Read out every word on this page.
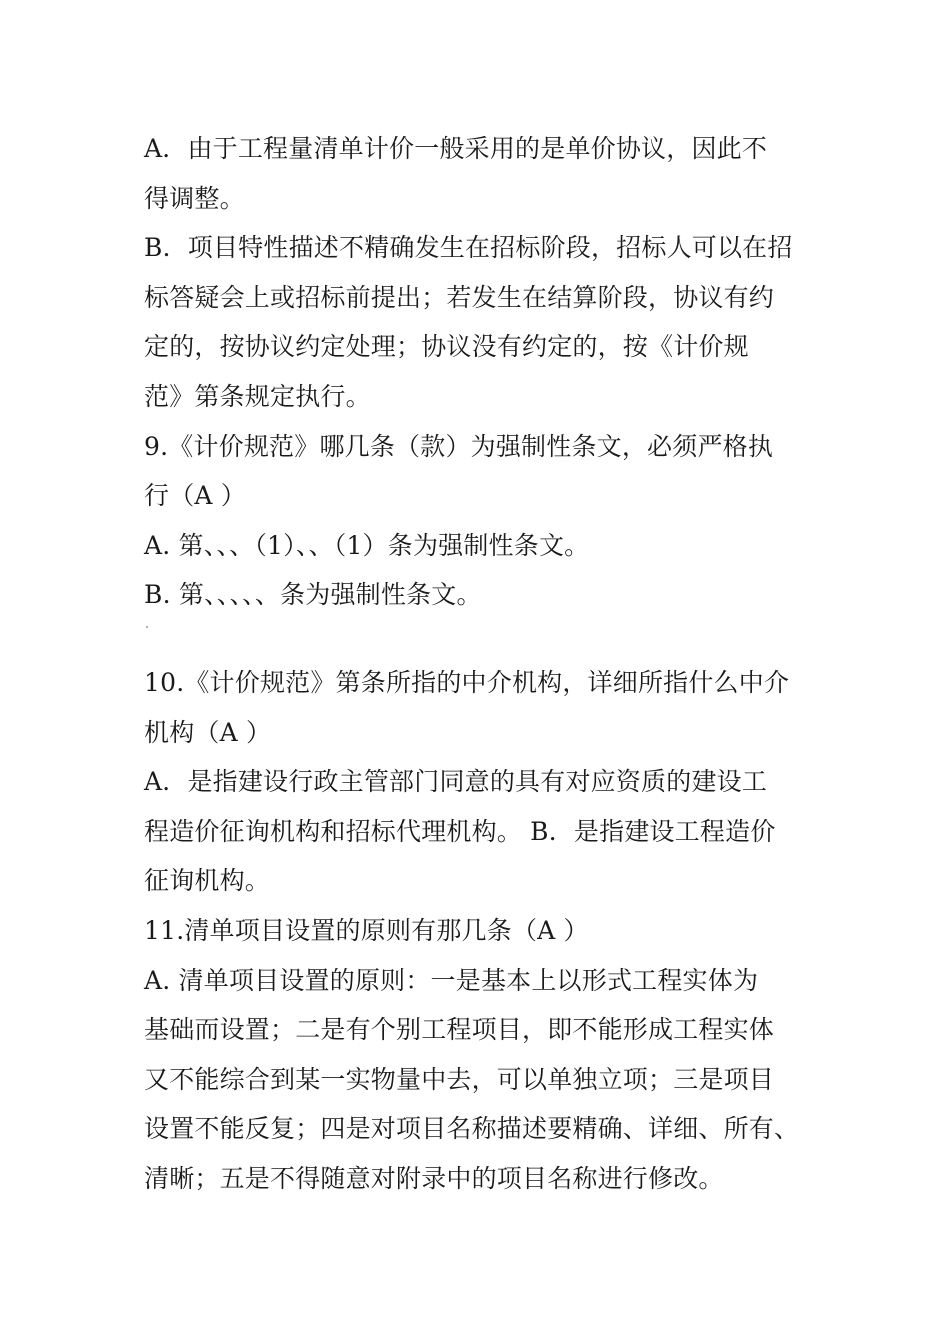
A．由于工程量清单计价一般采用的是单价协议，因此不
得调整。
B．项目特性描述不精确发生在招标阶段，招标人可以在招
标答疑会上或招标前提出；若发生在结算阶段，协议有约
定的，按协议约定处理；协议没有约定的，按《计价规
范》第条规定执行。
9.《计价规范》哪几条（款）为强制性条文，必须严格执
行（A ）
A. 第、、、（1）、、（1）条为强制性条文。
B. 第、、、、、条为强制性条文。
10.《计价规范》第条所指的中介机构，详细所指什么中介
机构（A ）
A．是指建设行政主管部门同意的具有对应资质的建设工
程造价征询机构和招标代理机构。 B．是指建设工程造价
征询机构。
11.清单项目设置的原则有那几条（A ）
A. 清单项目设置的原则：一是基本上以形式工程实体为
基础而设置；二是有个别工程项目，即不能形成工程实体
又不能综合到某一实物量中去，可以单独立项；三是项目
设置不能反复；四是对项目名称描述要精确、详细、所有、
清晰；五是不得随意对附录中的项目名称进行修改。
